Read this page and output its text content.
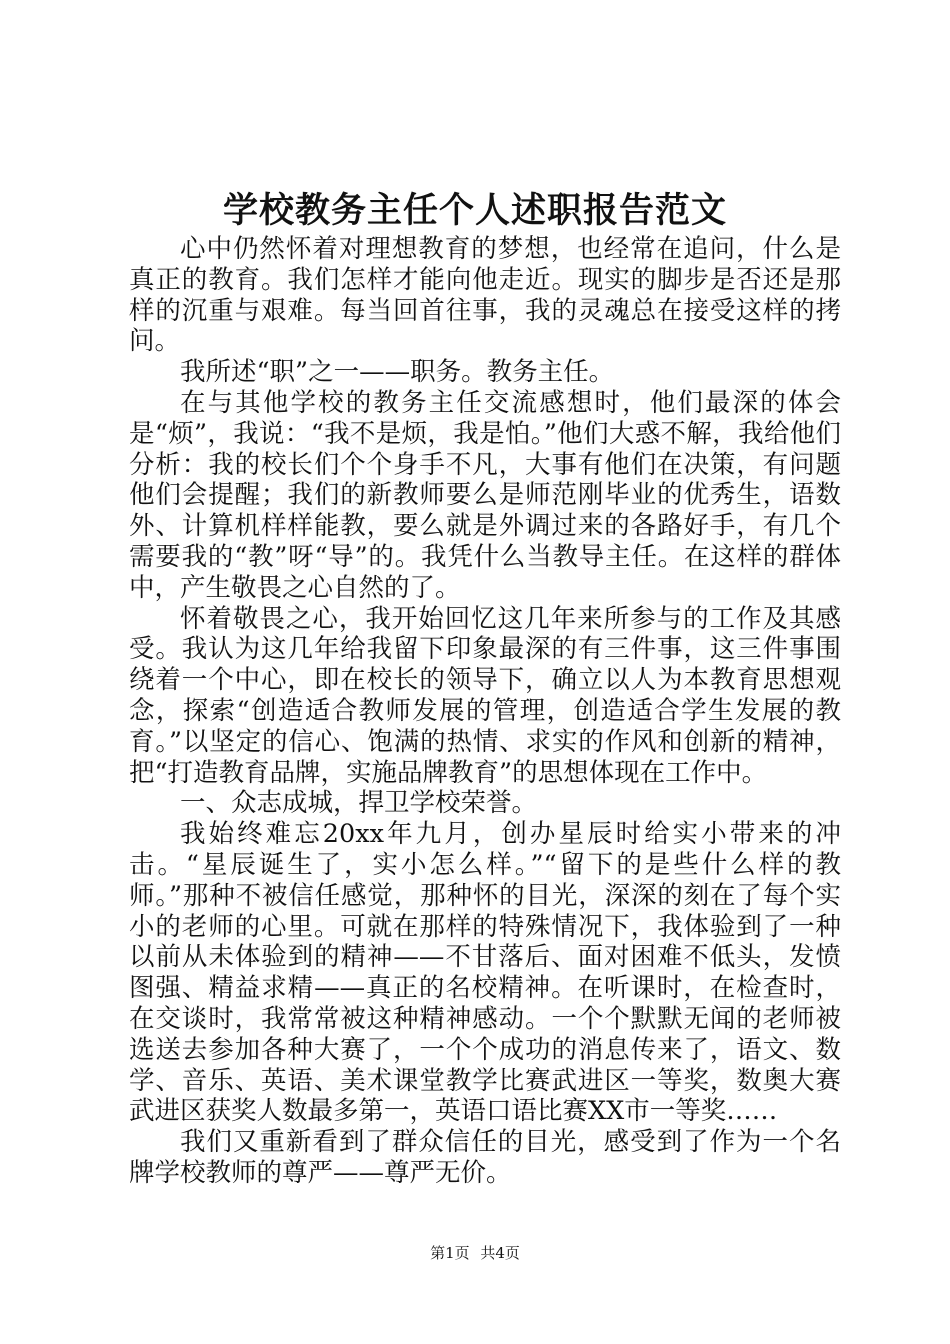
学校教务主任个人述职报告范文

心中仍然怀着对理想教育的梦想，也经常在追问，什么是真正的教育。我们怎样才能向他走近。现实的脚步是否还是那样的沉重与艰难。每当回首往事，我的灵魂总在接受这样的拷问。

我所述“职”之一——职务。教务主任。

在与其他学校的教务主任交流感想时，他们最深的体会是“烦”，我说：“我不是烦，我是怕。”他们大惑不解，我给他们分析：我的校长们个个身手不凡，大事有他们在决策，有问题他们会提醒；我们的新教师要么是师范刚毕业的优秀生，语数外、计算机样样能教，要么就是外调过来的各路好手，有几个需要我的“教”呀“导”的。我凭什么当教导主任。在这样的群体中，产生敬畏之心自然的了。

怀着敬畏之心，我开始回忆这几年来所参与的工作及其感受。我认为这几年给我留下印象最深的有三件事，这三件事围绕着一个中心，即在校长的领导下，确立以人为本教育思想观念，探索“创造适合教师发展的管理，创造适合学生发展的教育。”以坚定的信心、饱满的热情、求实的作风和创新的精神，把“打造教育品牌，实施品牌教育”的思想体现在工作中。

一、众志成城，捍卫学校荣誉。

我始终难忘20xx年九月，创办星辰时给实小带来的冲击。“星辰诞生了，实小怎么样。”“留下的是些什么样的教师。”那种不被信任感觉，那种怀的目光，深深的刻在了每个实小的老师的心里。可就在那样的特殊情况下，我体验到了一种以前从未体验到的精神——不甘落后、面对困难不低头，发愤图强、精益求精——真正的名校精神。在听课时，在检查时，在交谈时，我常常被这种精神感动。一个个默默无闻的老师被选送去参加各种大赛了，一个个成功的消息传来了，语文、数学、音乐、英语、美术课堂教学比赛武进区一等奖，数奥大赛武进区获奖人数最多第一，英语口语比赛XX市一等奖……

我们又重新看到了群众信任的目光，感受到了作为一个名牌学校教师的尊严——尊严无价。

第1页 共4页
